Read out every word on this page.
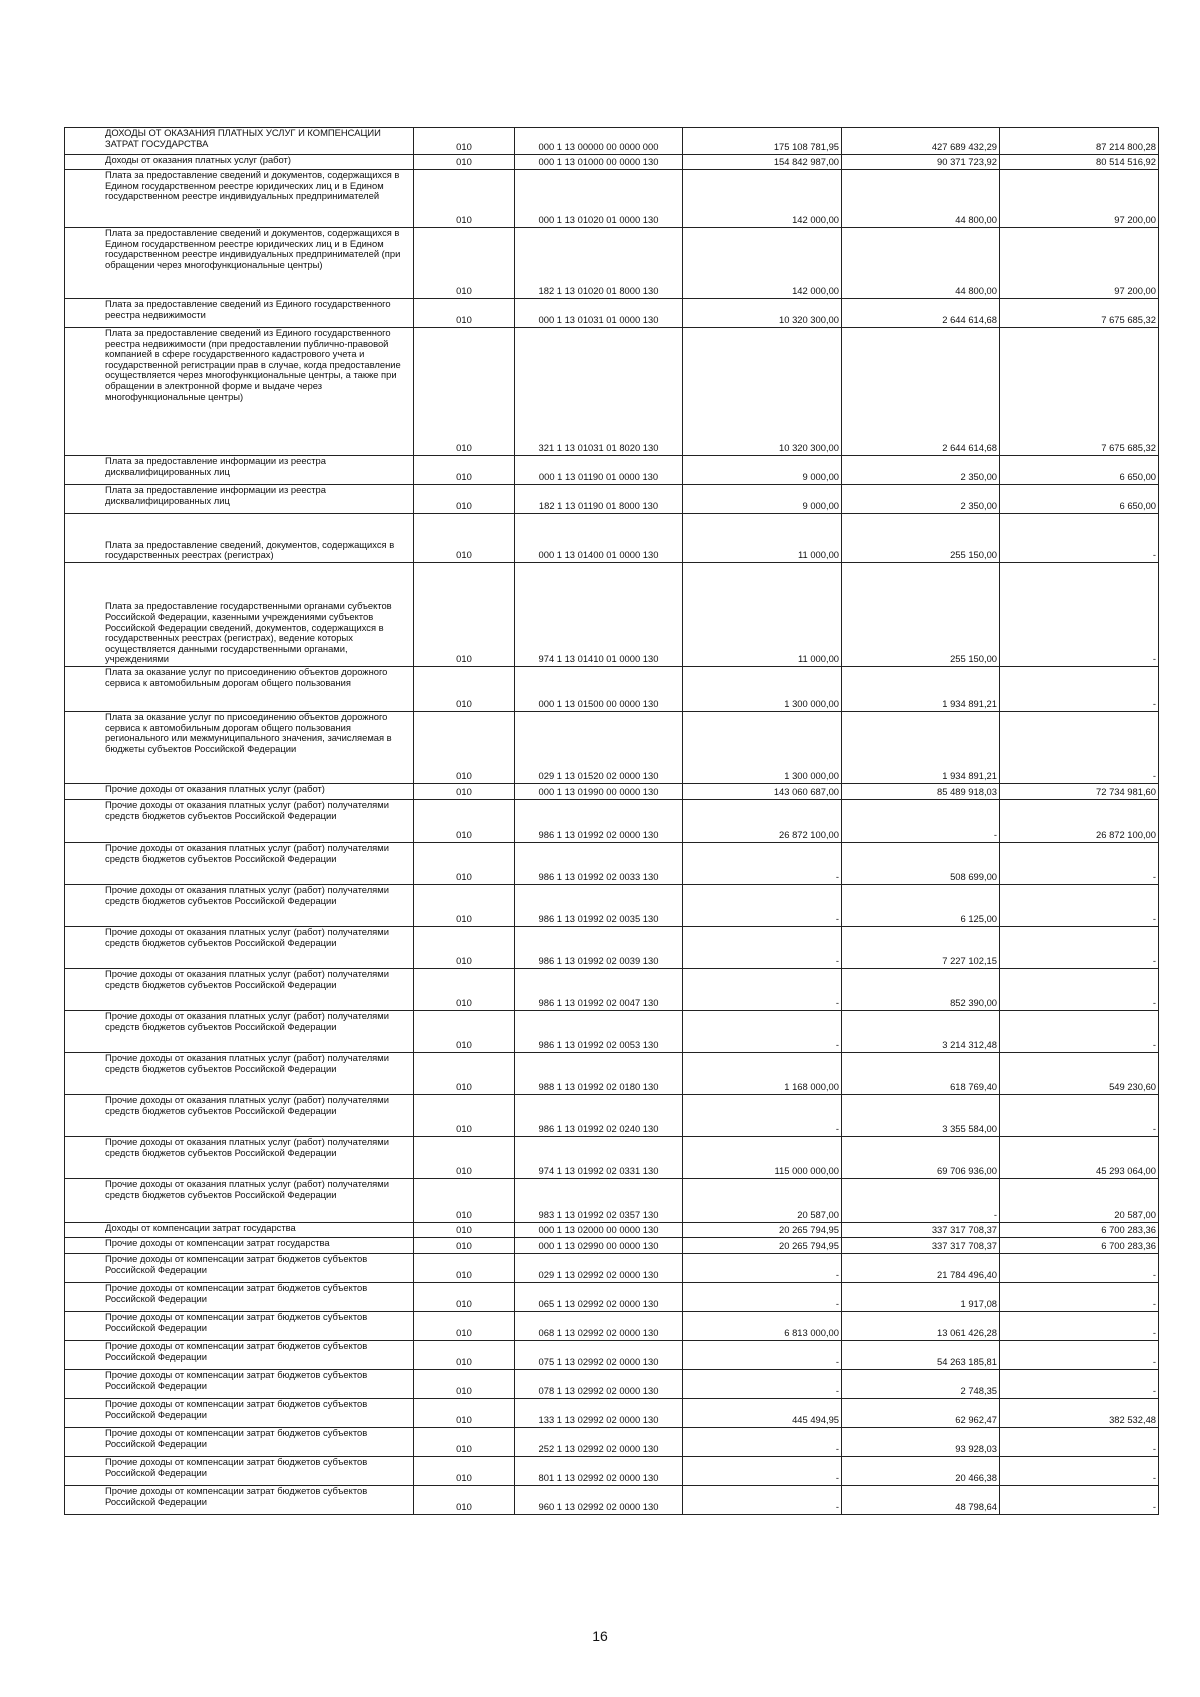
ДОХОДЫ ОТ ОКАЗАНИЯ ПЛАТНЫХ УСЛУГ И КОМПЕНСАЦИИ ЗАТРАТ ГОСУДАРСТВА	010	000 1 13 00000 00 0000 000	175 108 781,95	427 689 432,29	87 214 800,28

Доходы от оказания платных услуг (работ)	010	000 1 13 01000 00 0000 130	154 842 987,00	90 371 723,92	80 514 516,92

Плата за предоставление сведений и документов, содержащихся в Едином государственном реестре юридических лиц и в Едином государственном реестре индивидуальных предпринимателей	010	000 1 13 01020 01 0000 130	142 000,00	44 800,00	97 200,00

Плата за предоставление сведений и документов, содержащихся в Едином государственном реестре юридических лиц и в Едином государственном реестре индивидуальных предпринимателей (при обращении через многофункциональные центры)	010	182 1 13 01020 01 8000 130	142 000,00	44 800,00	97 200,00

Плата за предоставление сведений из Единого государственного реестра недвижимости	010	000 1 13 01031 01 0000 130	10 320 300,00	2 644 614,68	7 675 685,32

Плата за предоставление сведений из Единого государственного реестра недвижимости (при предоставлении публично-правовой компанией в сфере государственного кадастрового учета и государственной регистрации прав в случае, когда предоставление осуществляется через многофункциональные центры, а также при обращении в электронной форме и выдаче через многофункциональные центры)	010	321 1 13 01031 01 8020 130	10 320 300,00	2 644 614,68	7 675 685,32

Плата за предоставление информации из реестра дисквалифицированных лиц	010	000 1 13 01190 01 0000 130	9 000,00	2 350,00	6 650,00

Плата за предоставление информации из реестра дисквалифицированных лиц	010	182 1 13 01190 01 8000 130	9 000,00	2 350,00	6 650,00

Плата за предоставление сведений, документов, содержащихся в государственных реестрах (регистрах)	010	000 1 13 01400 01 0000 130	11 000,00	255 150,00	-

Плата за предоставление государственными органами субъектов Российской Федерации, казенными учреждениями субъектов Российской Федерации сведений, документов, содержащихся в государственных реестрах (регистрах), ведение которых осуществляется данными государственными органами, учреждениями	010	974 1 13 01410 01 0000 130	11 000,00	255 150,00	-

Плата за оказание услуг по присоединению объектов дорожного сервиса к автомобильным дорогам общего пользования	010	000 1 13 01500 00 0000 130	1 300 000,00	1 934 891,21	-

Плата за оказание услуг по присоединению объектов дорожного сервиса к автомобильным дорогам общего пользования регионального или межмуниципального значения, зачисляемая в бюджеты субъектов Российской Федерации	010	029 1 13 01520 02 0000 130	1 300 000,00	1 934 891,21	-

Прочие доходы от оказания платных услуг (работ)	010	000 1 13 01990 00 0000 130	143 060 687,00	85 489 918,03	72 734 981,60

Прочие доходы от оказания платных услуг (работ) получателями средств бюджетов субъектов Российской Федерации	010	986 1 13 01992 02 0000 130	26 872 100,00	-	26 872 100,00

Прочие доходы от оказания платных услуг (работ) получателями средств бюджетов субъектов Российской Федерации	010	986 1 13 01992 02 0033 130	-	508 699,00	-

Прочие доходы от оказания платных услуг (работ) получателями средств бюджетов субъектов Российской Федерации	010	986 1 13 01992 02 0035 130	-	6 125,00	-

Прочие доходы от оказания платных услуг (работ) получателями средств бюджетов субъектов Российской Федерации	010	986 1 13 01992 02 0039 130	-	7 227 102,15	-

Прочие доходы от оказания платных услуг (работ) получателями средств бюджетов субъектов Российской Федерации	010	986 1 13 01992 02 0047 130	-	852 390,00	-

Прочие доходы от оказания платных услуг (работ) получателями средств бюджетов субъектов Российской Федерации	010	986 1 13 01992 02 0053 130	-	3 214 312,48	-

Прочие доходы от оказания платных услуг (работ) получателями средств бюджетов субъектов Российской Федерации	010	988 1 13 01992 02 0180 130	1 168 000,00	618 769,40	549 230,60

Прочие доходы от оказания платных услуг (работ) получателями средств бюджетов субъектов Российской Федерации	010	986 1 13 01992 02 0240 130	-	3 355 584,00	-

Прочие доходы от оказания платных услуг (работ) получателями средств бюджетов субъектов Российской Федерации	010	974 1 13 01992 02 0331 130	115 000 000,00	69 706 936,00	45 293 064,00

Прочие доходы от оказания платных услуг (работ) получателями средств бюджетов субъектов Российской Федерации	010	983 1 13 01992 02 0357 130	20 587,00	-	20 587,00

Доходы от компенсации затрат государства	010	000 1 13 02000 00 0000 130	20 265 794,95	337 317 708,37	6 700 283,36

Прочие доходы от компенсации затрат государства	010	000 1 13 02990 00 0000 130	20 265 794,95	337 317 708,37	6 700 283,36

Прочие доходы от компенсации затрат бюджетов субъектов Российской Федерации	010	029 1 13 02992 02 0000 130	-	21 784 496,40	-

Прочие доходы от компенсации затрат бюджетов субъектов Российской Федерации	010	065 1 13 02992 02 0000 130	-	1 917,08	-

Прочие доходы от компенсации затрат бюджетов субъектов Российской Федерации	010	068 1 13 02992 02 0000 130	6 813 000,00	13 061 426,28	-

Прочие доходы от компенсации затрат бюджетов субъектов Российской Федерации	010	075 1 13 02992 02 0000 130	-	54 263 185,81	-

Прочие доходы от компенсации затрат бюджетов субъектов Российской Федерации	010	078 1 13 02992 02 0000 130	-	2 748,35	-

Прочие доходы от компенсации затрат бюджетов субъектов Российской Федерации	010	133 1 13 02992 02 0000 130	445 494,95	62 962,47	382 532,48

Прочие доходы от компенсации затрат бюджетов субъектов Российской Федерации	010	252 1 13 02992 02 0000 130	-	93 928,03	-

Прочие доходы от компенсации затрат бюджетов субъектов Российской Федерации	010	801 1 13 02992 02 0000 130	-	20 466,38	-

Прочие доходы от компенсации затрат бюджетов субъектов Российской Федерации	010	960 1 13 02992 02 0000 130	-	48 798,64	-
16
